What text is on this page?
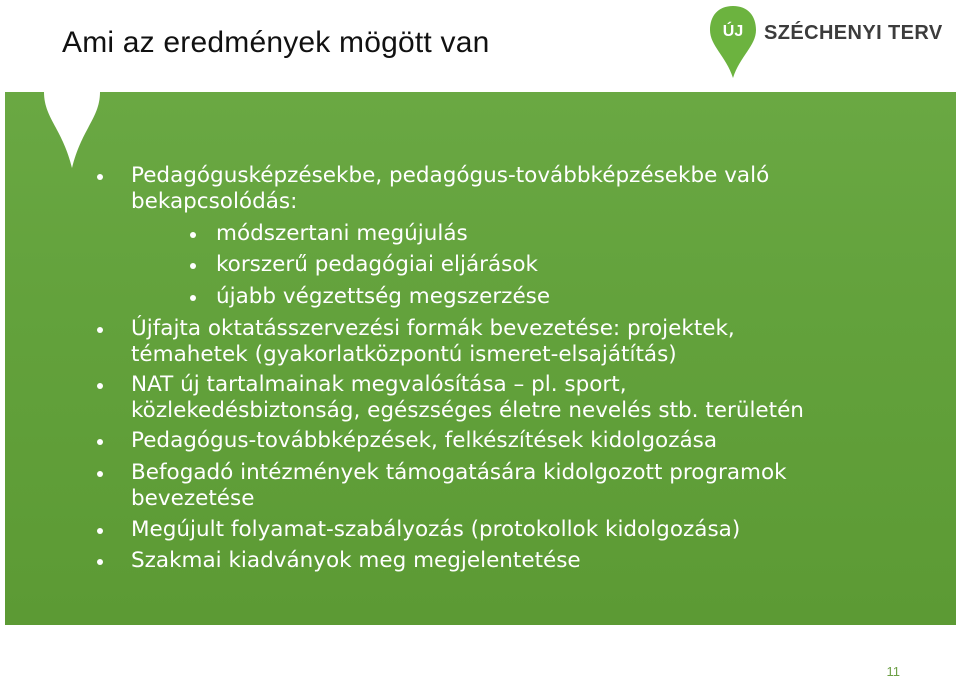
Ami az eredmények mögött van	ÚJ SZÉCHENYI TERV
Pedagógusképzésekbe, pedagógus-továbbképzésekbe való
bekapcsolódás:
módszertani megújulás
korszerű pedagógiai eljárások
újabb végzettség megszerzése
Újfajta oktatásszervezési formák bevezetése: projektek,
témahetek (gyakorlatközpontú ismeret-elsajátítás)
NAT új tartalmainak megvalósítása – pl. sport,
közlekedésbiztonság, egészséges életre nevelés stb. területén
Pedagógus-továbbképzések, felkészítések kidolgozása
Befogadó intézmények támogatására kidolgozott programok
bevezetése
Megújult folyamat-szabályozás (protokollok kidolgozása)
Szakmai kiadványok meg megjelentetése
11
